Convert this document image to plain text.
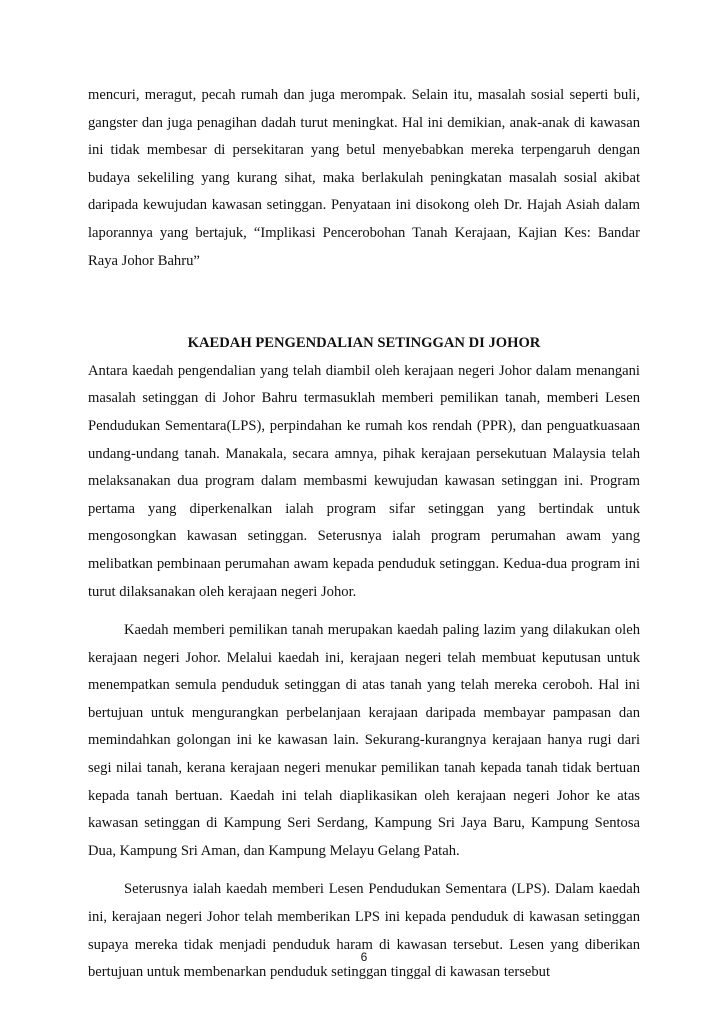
mencuri, meragut, pecah rumah dan juga merompak. Selain itu, masalah sosial seperti buli, gangster dan juga penagihan dadah turut meningkat. Hal ini demikian, anak-anak di kawasan ini tidak membesar di persekitaran yang betul menyebabkan mereka terpengaruh dengan budaya sekeliling yang kurang sihat, maka berlakulah peningkatan masalah sosial akibat daripada kewujudan kawasan setinggan. Penyataan ini disokong oleh Dr. Hajah Asiah dalam laporannya yang bertajuk, “Implikasi Pencerobohan Tanah Kerajaan, Kajian Kes: Bandar Raya Johor Bahru”

KAEDAH PENGENDALIAN SETINGGAN DI JOHOR

Antara kaedah pengendalian yang telah diambil oleh kerajaan negeri Johor dalam menangani masalah setinggan di Johor Bahru termasuklah memberi pemilikan tanah, memberi Lesen Pendudukan Sementara(LPS), perpindahan ke rumah kos rendah (PPR), dan penguatkuasaan undang-undang tanah. Manakala, secara amnya, pihak kerajaan persekutuan Malaysia telah melaksanakan dua program dalam membasmi kewujudan kawasan setinggan ini. Program pertama yang diperkenalkan ialah program sifar setinggan yang bertindak untuk mengosongkan kawasan setinggan. Seterusnya ialah program perumahan awam yang melibatkan pembinaan perumahan awam kepada penduduk setinggan. Kedua-dua program ini turut dilaksanakan oleh kerajaan negeri Johor.

Kaedah memberi pemilikan tanah merupakan kaedah paling lazim yang dilakukan oleh kerajaan negeri Johor. Melalui kaedah ini, kerajaan negeri telah membuat keputusan untuk menempatkan semula penduduk setinggan di atas tanah yang telah mereka ceroboh. Hal ini bertujuan untuk mengurangkan perbelanjaan kerajaan daripada membayar pampasan dan memindahkan golongan ini ke kawasan lain. Sekurang-kurangnya kerajaan hanya rugi dari segi nilai tanah, kerana kerajaan negeri menukar pemilikan tanah kepada tanah tidak bertuan kepada tanah bertuan. Kaedah ini telah diaplikasikan oleh kerajaan negeri Johor ke atas kawasan setinggan di Kampung Seri Serdang, Kampung Sri Jaya Baru, Kampung Sentosa Dua, Kampung Sri Aman, dan Kampung Melayu Gelang Patah.

Seterusnya ialah kaedah memberi Lesen Pendudukan Sementara (LPS). Dalam kaedah ini, kerajaan negeri Johor telah memberikan LPS ini kepada penduduk di kawasan setinggan supaya mereka tidak menjadi penduduk haram di kawasan tersebut. Lesen yang diberikan bertujuan untuk membenarkan penduduk setinggan tinggal di kawasan tersebut

6
